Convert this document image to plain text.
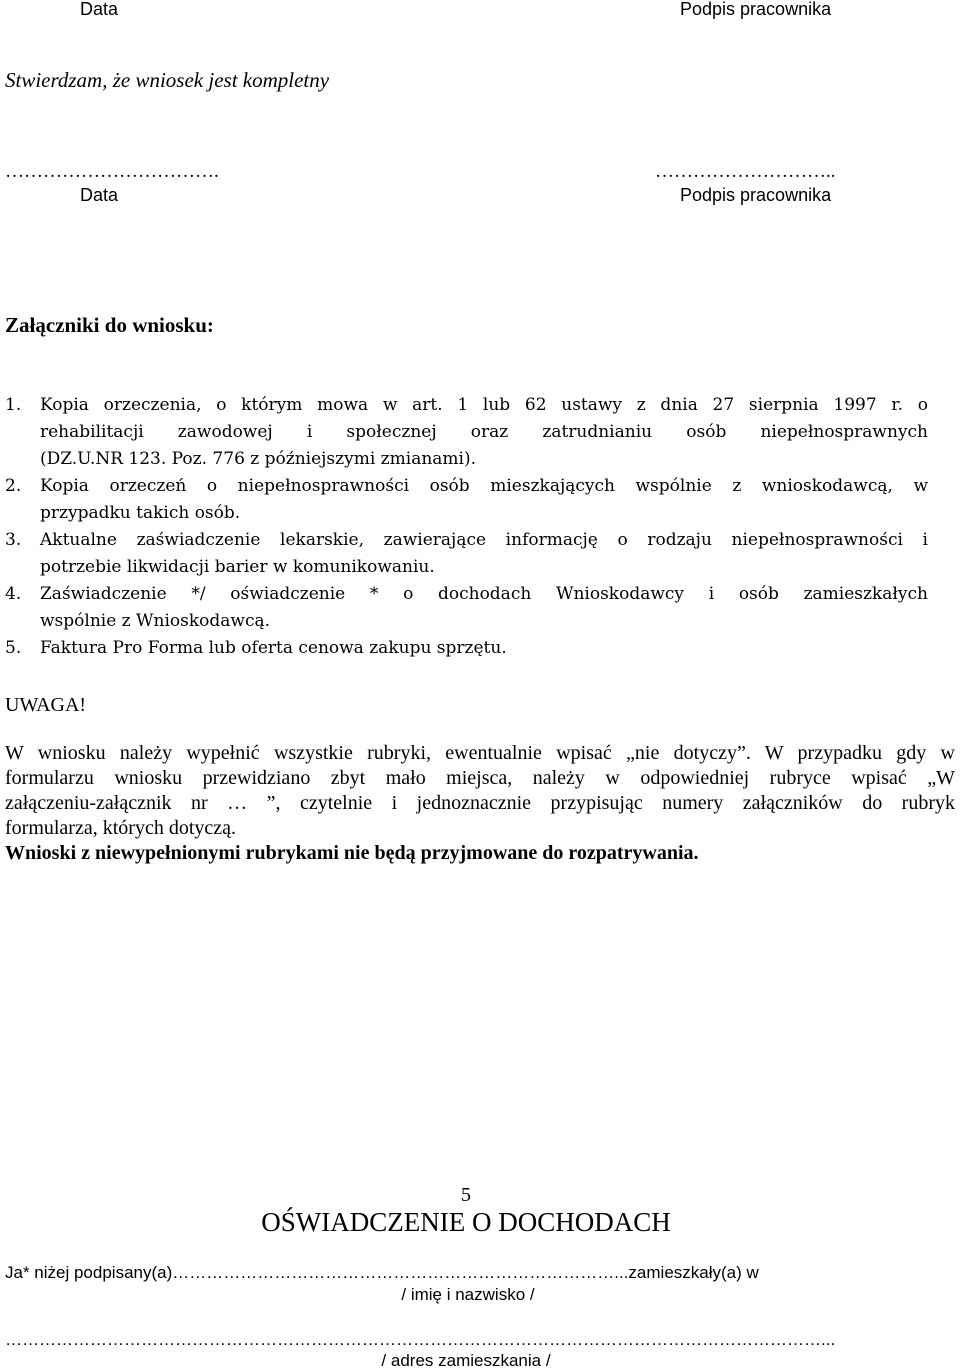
Data	Podpis pracownika
Stwierdzam, że wniosek jest kompletny
…………………………….	………………………..
Data	Podpis pracownika
Załączniki do wniosku:
1. Kopia orzeczenia, o którym mowa w art. 1 lub 62 ustawy z dnia 27 sierpnia 1997 r. o
rehabilitacji zawodowej i społecznej oraz zatrudnianiu osób niepełnosprawnych
(DZ.U.NR 123. Poz. 776 z późniejszymi zmianami).
2. Kopia orzeczeń o niepełnosprawności osób mieszkających wspólnie z wnioskodawcą, w
przypadku takich osób.
3. Aktualne zaświadczenie lekarskie, zawierające informację o rodzaju niepełnosprawności i
potrzebie likwidacji barier w komunikowaniu.
4. Zaświadczenie */ oświadczenie * o dochodach Wnioskodawcy i osób zamieszkałych
wspólnie z Wnioskodawcą.
5. Faktura Pro Forma lub oferta cenowa zakupu sprzętu.
UWAGA!
W wniosku należy wypełnić wszystkie rubryki, ewentualnie wpisać „nie dotyczy”. W przypadku gdy w
formularzu wniosku przewidziano zbyt mało miejsca, należy w odpowiedniej rubryce wpisać „W
załączeniu-załącznik nr … ”, czytelnie i jednoznacznie przypisując numery załączników do rubryk
formularza, których dotyczą.
Wnioski z niewypełnionymi rubrykami nie będą przyjmowane do rozpatrywania.
5
OŚWIADCZENIE O DOCHODACH
Ja* niżej podpisany(a)……………………………………………………………………...zamieszkały(a) w
/ imię i nazwisko /
………………………………………………………………………………………………………………………………...
/ adres zamieszkania /
